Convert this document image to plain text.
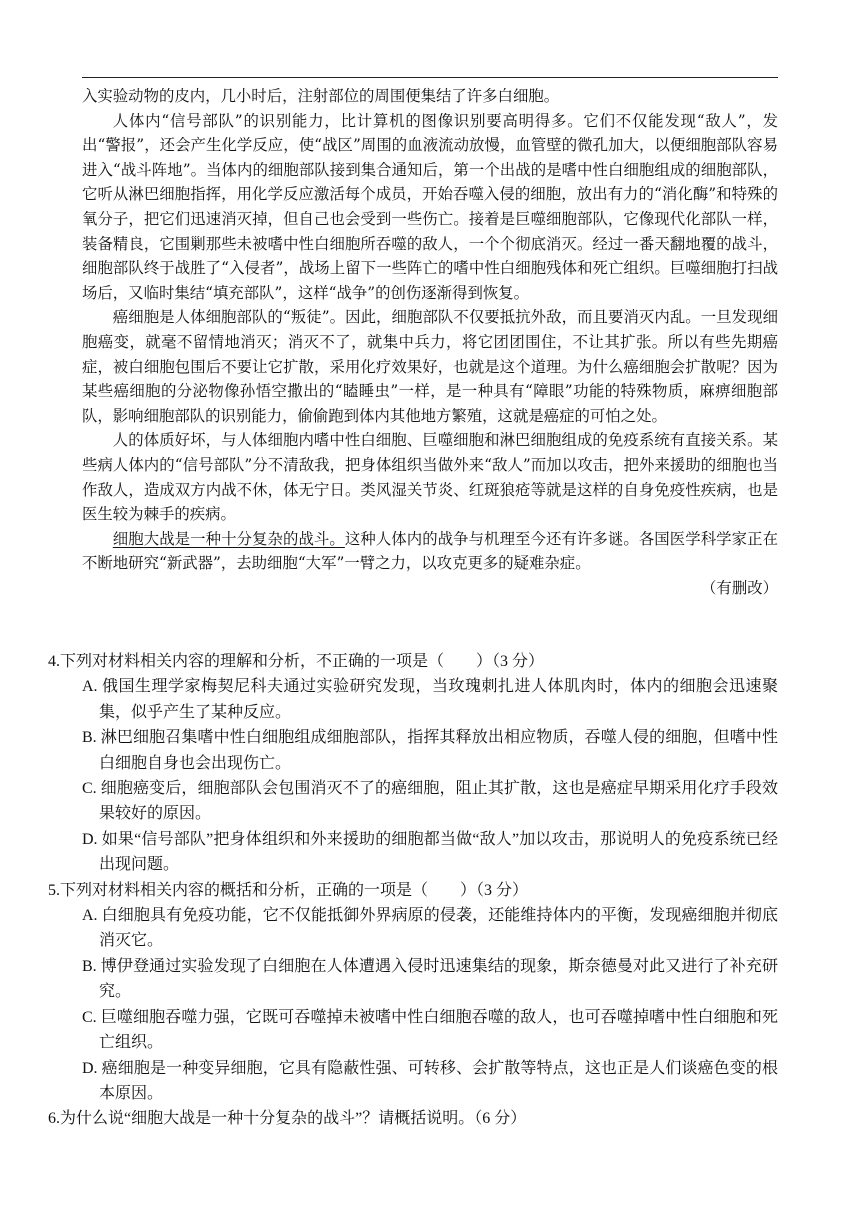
入实验动物的皮内，几小时后，注射部位的周围便集结了许多白细胞。

人体内“信号部队”的识别能力，比计算机的图像识别要高明得多。它们不仅能发现“敌人”，发出“警报”，还会产生化学反应，使“战区”周围的血液流动放慢，血管壁的微孔加大，以便细胞部队容易进入“战斗阵地”。当体内的细胞部队接到集合通知后，第一个出战的是嗜中性白细胞组成的细胞部队，它听从淋巴细胞指挥，用化学反应激活每个成员，开始吞噬入侵的细胞，放出有力的“消化酶”和特殊的氧分子，把它们迅速消灭掉，但自己也会受到一些伤亡。接着是巨噬细胞部队，它像现代化部队一样，装备精良，它围剿那些未被嗜中性白细胞所吞噬的敌人，一个个彻底消灭。经过一番天翻地覆的战斗，细胞部队终于战胜了“入侵者”，战场上留下一些阵亡的嗜中性白细胞残体和死亡组织。巨噬细胞打扫战场后，又临时集结“填充部队”，这样“战争”的创伤逐渐得到恢复。

癌细胞是人体细胞部队的“叛徒”。因此，细胞部队不仅要抵抗外敌，而且要消灭内乱。一旦发现细胞癌变，就毫不留情地消灭；消灭不了，就集中兵力，将它团团围住，不让其扩张。所以有些先期癌症，被白细胞包围后不要让它扩散，采用化疗效果好，也就是这个道理。为什么癌细胞会扩散呢？因为某些癌细胞的分泌物像孙悟空撒出的“瞌睡虫”一样，是一种具有“障眼”功能的特殊物质，麻痹细胞部队，影响细胞部队的识别能力，偷偷跑到体内其他地方繁殖，这就是癌症的可怕之处。

人的体质好坏，与人体细胞内嗜中性白细胞、巨噬细胞和淋巴细胞组成的免疫系统有直接关系。某些病人体内的“信号部队”分不清敌我，把身体组织当做外来“敌人”而加以攻击，把外来援助的细胞也当作敌人，造成双方内战不休，体无宁日。类风湿关节炎、红斑狼疮等就是这样的自身免疫性疾病，也是医生较为棘手的疾病。

细胞大战是一种十分复杂的战斗。这种人体内的战争与机理至今还有许多谜。各国医学科学家正在不断地研究“新武器”，去助细胞“大军”一臂之力，以攻克更多的疑难杂症。

（有删改）

4.下列对材料相关内容的理解和分析，不正确的一项是（　　）（3 分）

A. 俄国生理学家梅契尼科夫通过实验研究发现，当玫瑰刺扎进人体肌肉时，体内的细胞会迅速聚集，似乎产生了某种反应。

B. 淋巴细胞召集嗜中性白细胞组成细胞部队，指挥其释放出相应物质，吞噬人侵的细胞，但嗜中性白细胞自身也会出现伤亡。

C. 细胞癌变后，细胞部队会包围消灭不了的癌细胞，阻止其扩散，这也是癌症早期采用化疗手段效果较好的原因。

D. 如果“信号部队”把身体组织和外来援助的细胞都当做“敌人”加以攻击，那说明人的免疫系统已经出现问题。

5.下列对材料相关内容的概括和分析，正确的一项是（　　）（3 分）

A. 白细胞具有免疫功能，它不仅能抵御外界病原的侵袭，还能维持体内的平衡，发现癌细胞并彻底消灭它。

B. 博伊登通过实验发现了白细胞在人体遭遇入侵时迅速集结的现象，斯奈德曼对此又进行了补充研究。

C. 巨噬细胞吞噬力强，它既可吞噬掉未被嗜中性白细胞吞噬的敌人，也可吞噬掉嗜中性白细胞和死亡组织。

D. 癌细胞是一种变异细胞，它具有隐蔽性强、可转移、会扩散等特点，这也正是人们谈癌色变的根本原因。

6.为什么说“细胞大战是一种十分复杂的战斗”？请概括说明。（6 分）
